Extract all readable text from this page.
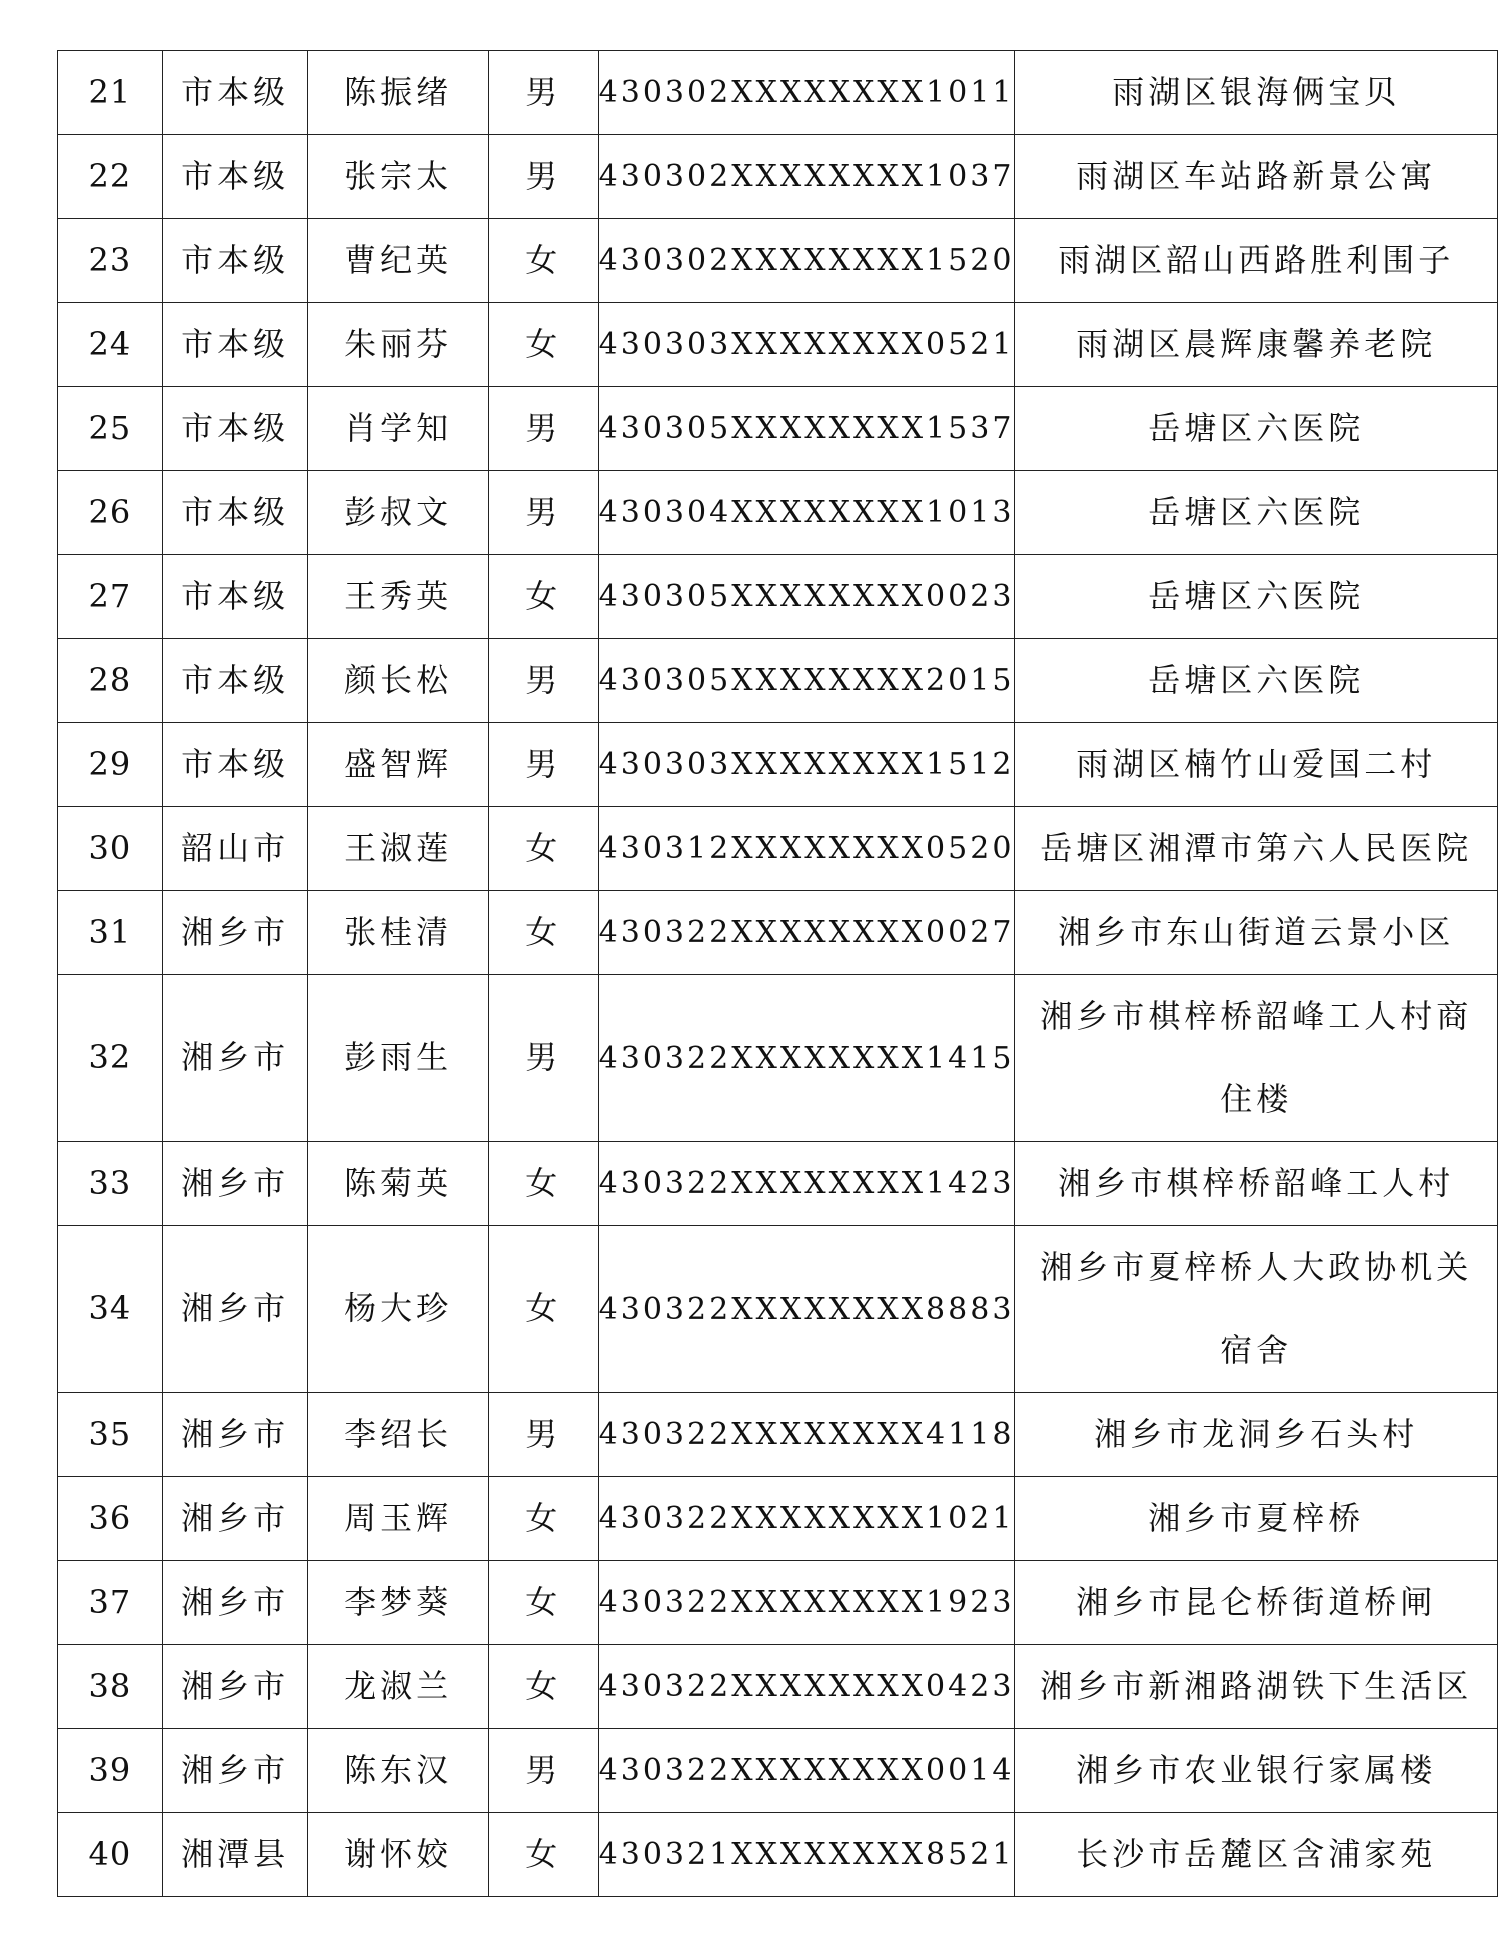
21	市本级	陈振绪	男	430302XXXXXXXX1011	雨湖区银海俩宝贝
22	市本级	张宗太	男	430302XXXXXXXX1037	雨湖区车站路新景公寓
23	市本级	曹纪英	女	430302XXXXXXXX1520	雨湖区韶山西路胜利围子
24	市本级	朱丽芬	女	430303XXXXXXXX0521	雨湖区晨辉康馨养老院
25	市本级	肖学知	男	430305XXXXXXXX1537	岳塘区六医院
26	市本级	彭叔文	男	430304XXXXXXXX1013	岳塘区六医院
27	市本级	王秀英	女	430305XXXXXXXX0023	岳塘区六医院
28	市本级	颜长松	男	430305XXXXXXXX2015	岳塘区六医院
29	市本级	盛智辉	男	430303XXXXXXXX1512	雨湖区楠竹山爱国二村
30	韶山市	王淑莲	女	430312XXXXXXXX0520	岳塘区湘潭市第六人民医院
31	湘乡市	张桂清	女	430322XXXXXXXX0027	湘乡市东山街道云景小区
32	湘乡市	彭雨生	男	430322XXXXXXXX1415	湘乡市棋梓桥韶峰工人村商
住楼

33	湘乡市	陈菊英	女	430322XXXXXXXX1423	湘乡市棋梓桥韶峰工人村
34	湘乡市	杨大珍	女	430322XXXXXXXX8883	湘乡市夏梓桥人大政协机关
宿舍

35	湘乡市	李绍长	男	430322XXXXXXXX4118	湘乡市龙洞乡石头村
36	湘乡市	周玉辉	女	430322XXXXXXXX1021	湘乡市夏梓桥
37	湘乡市	李梦葵	女	430322XXXXXXXX1923	湘乡市昆仑桥街道桥闸
38	湘乡市	龙淑兰	女	430322XXXXXXXX0423	湘乡市新湘路湖铁下生活区
39	湘乡市	陈东汉	男	430322XXXXXXXX0014	湘乡市农业银行家属楼
40	湘潭县	谢怀姣	女	430321XXXXXXXX8521	长沙市岳麓区含浦家苑
